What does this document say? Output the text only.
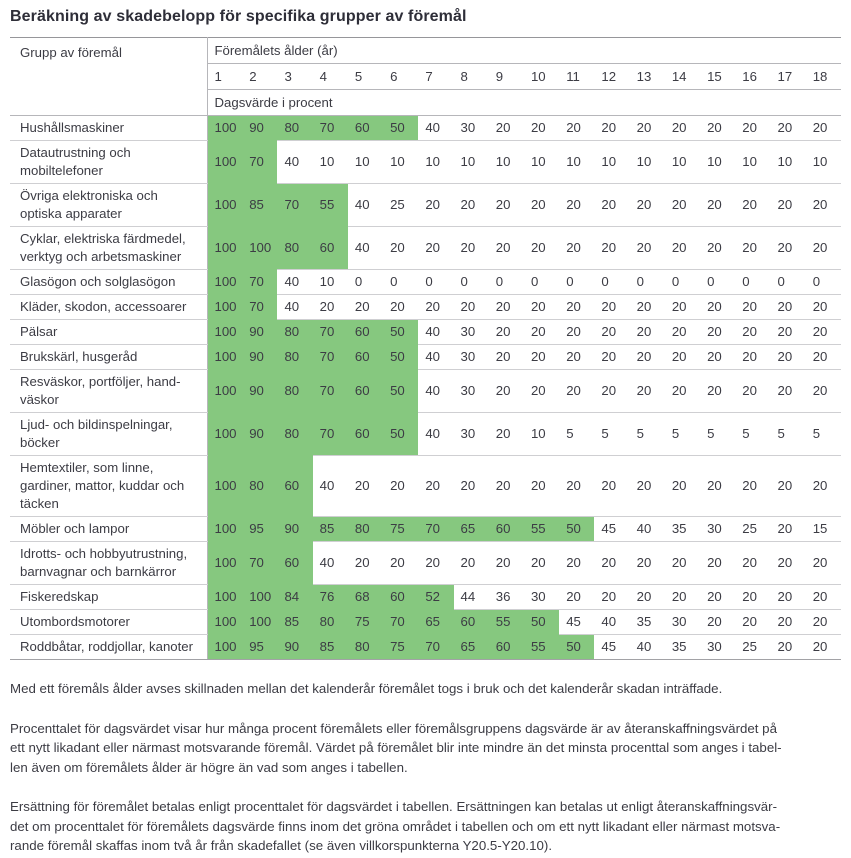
Beräkning av skadebelopp för specifika grupper av föremål
Grupp av föremål	Föremålets ålder (år)																	
	1	2	3	4	5	6	7	8	9	10	11	12	13	14	15	16	17	18
	Dagsvärde i procent																	
Hushållsmaskiner	100	90	80	70	60	50	40	30	20	20	20	20	20	20	20	20	20	20
Datautrustning och
mobiltelefoner	100	70	40	10	10	10	10	10	10	10	10	10	10	10	10	10	10	10
Övriga elektroniska och
optiska apparater	100	85	70	55	40	25	20	20	20	20	20	20	20	20	20	20	20	20
Cyklar, elektriska färdmedel,
verktyg och arbetsmaskiner	100	100	80	60	40	20	20	20	20	20	20	20	20	20	20	20	20	20
Glasögon och solglasögon	100	70	40	10	0	0	0	0	0	0	0	0	0	0	0	0	0	0
Kläder, skodon, accessoarer	100	70	40	20	20	20	20	20	20	20	20	20	20	20	20	20	20	20
Pälsar	100	90	80	70	60	50	40	30	20	20	20	20	20	20	20	20	20	20
Brukskärl, husgeråd	100	90	80	70	60	50	40	30	20	20	20	20	20	20	20	20	20	20
Resväskor, portföljer, hand-
väskor	100	90	80	70	60	50	40	30	20	20	20	20	20	20	20	20	20	20
Ljud- och bildinspelningar,
böcker	100	90	80	70	60	50	40	30	20	10	5	5	5	5	5	5	5	5
Hemtextiler, som linne,
gardiner, mattor, kuddar och
täcken	100	80	60	40	20	20	20	20	20	20	20	20	20	20	20	20	20	20
Möbler och lampor	100	95	90	85	80	75	70	65	60	55	50	45	40	35	30	25	20	15
Idrotts- och hobbyutrustning,
barnvagnar och barnkärror	100	70	60	40	20	20	20	20	20	20	20	20	20	20	20	20	20	20
Fiskeredskap	100	100	84	76	68	60	52	44	36	30	20	20	20	20	20	20	20	20
Utombordsmotorer	100	100	85	80	75	70	65	60	55	50	45	40	35	30	20	20	20	20
Roddbåtar, roddjollar, kanoter	100	95	90	85	80	75	70	65	60	55	50	45	40	35	30	25	20	20
Med ett föremåls ålder avses skillnaden mellan det kalenderår föremålet togs i bruk och det kalenderår skadan inträffade.
Procenttalet för dagsvärdet visar hur många procent föremålets eller föremålsgruppens dagsvärde är av återanskaffningsvärdet på
ett nytt likadant eller närmast motsvarande föremål. Värdet på föremålet blir inte mindre än det minsta procenttal som anges i tabel-
len även om föremålets ålder är högre än vad som anges i tabellen.
Ersättning för föremålet betalas enligt procenttalet för dagsvärdet i tabellen. Ersättningen kan betalas ut enligt återanskaffningsvär-
det om procenttalet för föremålets dagsvärde finns inom det gröna området i tabellen och om ett nytt likadant eller närmast motsva-
rande föremål skaffas inom två år från skadefallet (se även villkorspunkterna Y20.5-Y20.10).
